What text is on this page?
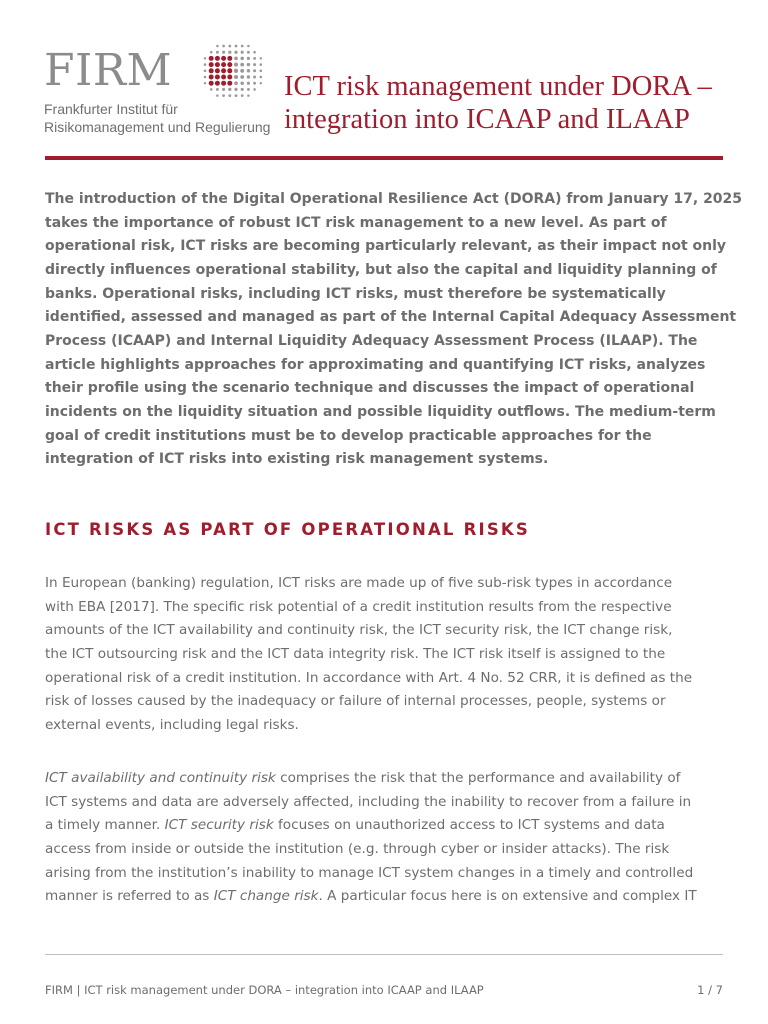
FIRM
Frankfurter Institut für
Risikomanagement und Regulierung
ICT risk management under DORA –
integration into ICAAP and ILAAP

The introduction of the Digital Operational Resilience Act (DORA) from January 17, 2025
takes the importance of robust ICT risk management to a new level. As part of
operational risk, ICT risks are becoming particularly relevant, as their impact not only
directly influences operational stability, but also the capital and liquidity planning of
banks. Operational risks, including ICT risks, must therefore be systematically
identified, assessed and managed as part of the Internal Capital Adequacy Assessment
Process (ICAAP) and Internal Liquidity Adequacy Assessment Process (ILAAP). The
article highlights approaches for approximating and quantifying ICT risks, analyzes
their profile using the scenario technique and discusses the impact of operational
incidents on the liquidity situation and possible liquidity outflows. The medium-term
goal of credit institutions must be to develop practicable approaches for the
integration of ICT risks into existing risk management systems.

ICT RISKS AS PART OF OPERATIONAL RISKS

In European (banking) regulation, ICT risks are made up of five sub-risk types in accordance
with EBA [2017]. The specific risk potential of a credit institution results from the respective
amounts of the ICT availability and continuity risk, the ICT security risk, the ICT change risk,
the ICT outsourcing risk and the ICT data integrity risk. The ICT risk itself is assigned to the
operational risk of a credit institution. In accordance with Art. 4 No. 52 CRR, it is defined as the
risk of losses caused by the inadequacy or failure of internal processes, people, systems or
external events, including legal risks.

ICT availability and continuity risk comprises the risk that the performance and availability of
ICT systems and data are adversely affected, including the inability to recover from a failure in
a timely manner. ICT security risk focuses on unauthorized access to ICT systems and data
access from inside or outside the institution (e.g. through cyber or insider attacks). The risk
arising from the institution’s inability to manage ICT system changes in a timely and controlled
manner is referred to as ICT change risk. A particular focus here is on extensive and complex IT

FIRM | ICT risk management under DORA – integration into ICAAP and ILAAP	1 / 7
